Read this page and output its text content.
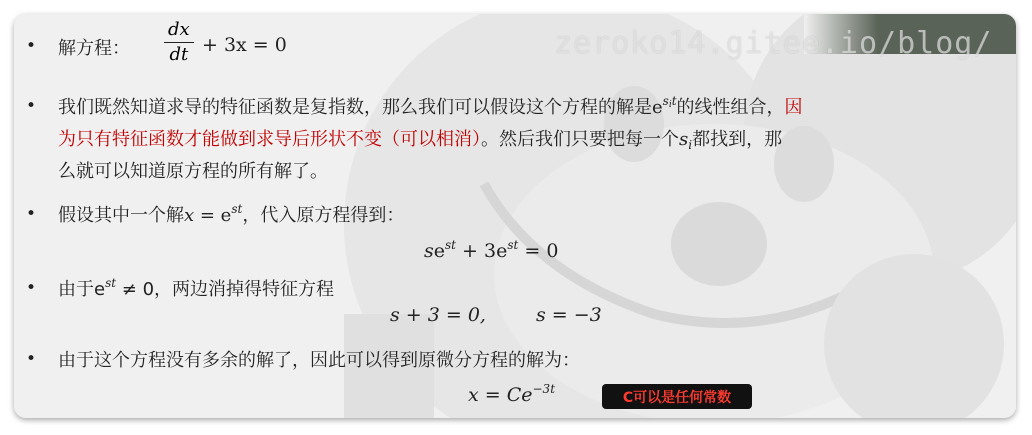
zeroko14.gitee.io/blog/
• 解方程： $\frac{dx}{dt} + 3x = 0$
• 我们既然知道求导的特征函数是复指数，那么我们可以假设这个方程的解是$e^{s_it}$的线性组合，因
为只有特征函数才能做到求导后形状不变（可以相消）。然后我们只要把每一个$s_i$都找到，那
么就可以知道原方程的所有解了。
• 假设其中一个解$x = e^{st}$，代入原方程得到：
$se^{st} + 3e^{st} = 0$
• 由于$e^{st} \ne 0$，两边消掉得特征方程
s + 3 = 0,	s = −3
• 由于这个方程没有多余的解了，因此可以得到原微分方程的解为：
$x = Ce^{-3t}$
C可以是任何常数
